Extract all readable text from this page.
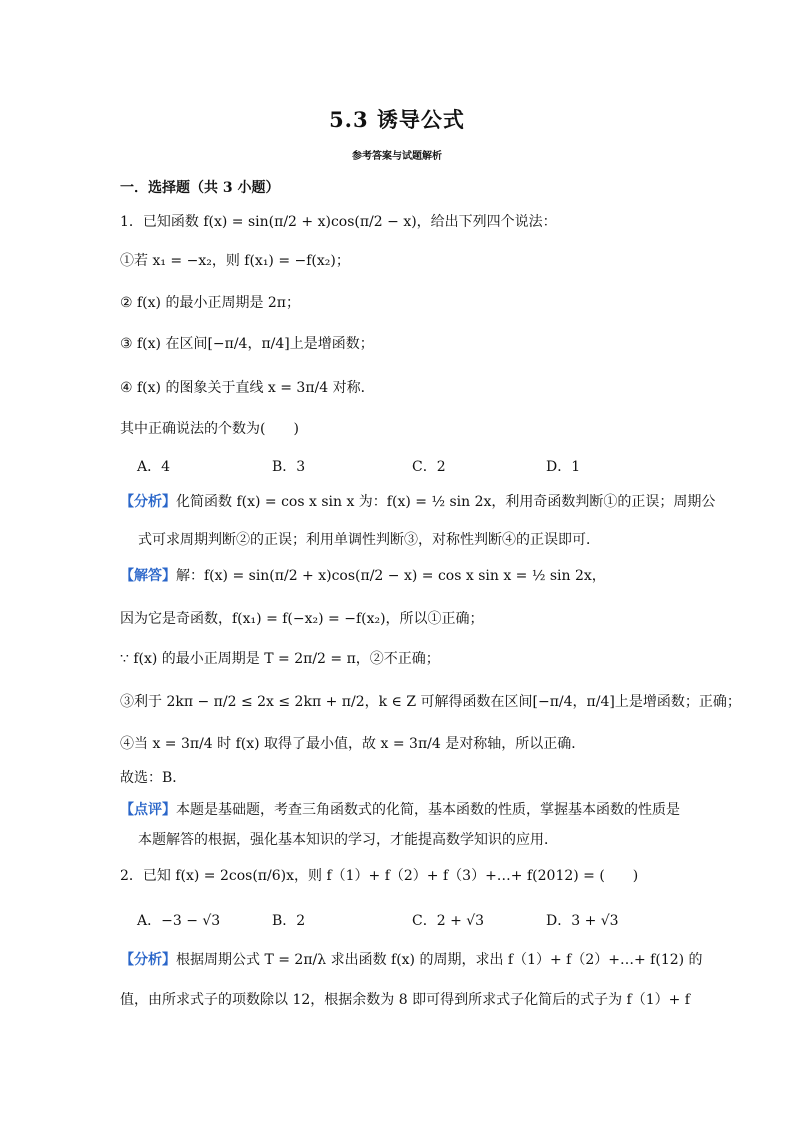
5.3 诱导公式
参考答案与试题解析
一．选择题（共 3 小题）
1．已知函数 f(x) = sin(π/2 + x)cos(π/2 − x)，给出下列四个说法：
①若 x₁ = −x₂，则 f(x₁) = −f(x₂)；
② f(x) 的最小正周期是 2π；
③ f(x) 在区间[−π/4，π/4]上是增函数；
④ f(x) 的图象关于直线 x = 3π/4 对称．
其中正确说法的个数为(　　)
A．4	B．3	C．2	D．1
【分析】化简函数 f(x) = cos x sin x 为：f(x) = ½ sin 2x，利用奇函数判断①的正误；周期公
式可求周期判断②的正误；利用单调性判断③，对称性判断④的正误即可．
【解答】解：f(x) = sin(π/2 + x)cos(π/2 − x) = cos x sin x = ½ sin 2x，
因为它是奇函数，f(x₁) = f(−x₂) = −f(x₂)，所以①正确；
∵ f(x) 的最小正周期是 T = 2π/2 = π，②不正确；
③利于 2kπ − π/2 ≤ 2x ≤ 2kπ + π/2，k ∈ Z 可解得函数在区间[−π/4，π/4]上是增函数；正确；
④当 x = 3π/4 时 f(x) 取得了最小值，故 x = 3π/4 是对称轴，所以正确．
故选：B．
【点评】本题是基础题，考查三角函数式的化简，基本函数的性质，掌握基本函数的性质是
本题解答的根据，强化基本知识的学习，才能提高数学知识的应用．
2．已知 f(x) = 2cos(π/6)x，则 f（1）+ f（2）+ f（3）+…+ f(2012) = (　　)
A．−3 − √3	B．2	C．2 + √3	D．3 + √3
【分析】根据周期公式 T = 2π/λ 求出函数 f(x) 的周期，求出 f（1）+ f（2）+…+ f(12) 的
值，由所求式子的项数除以 12，根据余数为 8 即可得到所求式子化简后的式子为 f（1）+ f
